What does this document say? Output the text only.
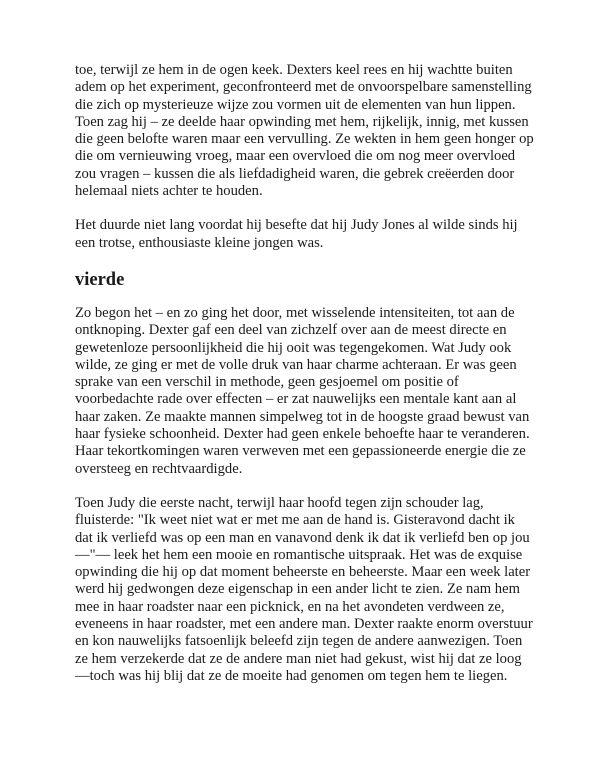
toe, terwijl ze hem in de ogen keek. Dexters keel rees en hij wachtte buiten adem op het experiment, geconfronteerd met de onvoorspelbare samenstelling die zich op mysterieuze wijze zou vormen uit de elementen van hun lippen. Toen zag hij – ze deelde haar opwinding met hem, rijkelijk, innig, met kussen die geen belofte waren maar een vervulling. Ze wekten in hem geen honger op die om vernieuwing vroeg, maar een overvloed die om nog meer overvloed zou vragen – kussen die als liefdadigheid waren, die gebrek creëerden door helemaal niets achter te houden.

Het duurde niet lang voordat hij besefte dat hij Judy Jones al wilde sinds hij een trotse, enthousiaste kleine jongen was.

vierde

Zo begon het – en zo ging het door, met wisselende intensiteiten, tot aan de ontknoping. Dexter gaf een deel van zichzelf over aan de meest directe en gewetenloze persoonlijkheid die hij ooit was tegengekomen. Wat Judy ook wilde, ze ging er met de volle druk van haar charme achteraan. Er was geen sprake van een verschil in methode, geen gesjoemel om positie of voorbedachte rade over effecten – er zat nauwelijks een mentale kant aan al haar zaken. Ze maakte mannen simpelweg tot in de hoogste graad bewust van haar fysieke schoonheid. Dexter had geen enkele behoefte haar te veranderen. Haar tekortkomingen waren verweven met een gepassioneerde energie die ze oversteeg en rechtvaardigde.

Toen Judy die eerste nacht, terwijl haar hoofd tegen zijn schouder lag, fluisterde: "Ik weet niet wat er met me aan de hand is. Gisteravond dacht ik dat ik verliefd was op een man en vanavond denk ik dat ik verliefd ben op jou—"— leek het hem een mooie en romantische uitspraak. Het was de exquise opwinding die hij op dat moment beheerste en beheerste. Maar een week later werd hij gedwongen deze eigenschap in een ander licht te zien. Ze nam hem mee in haar roadster naar een picknick, en na het avondeten verdween ze, eveneens in haar roadster, met een andere man. Dexter raakte enorm overstuur en kon nauwelijks fatsoenlijk beleefd zijn tegen de andere aanwezigen. Toen ze hem verzekerde dat ze de andere man niet had gekust, wist hij dat ze loog—toch was hij blij dat ze de moeite had genomen om tegen hem te liegen.
